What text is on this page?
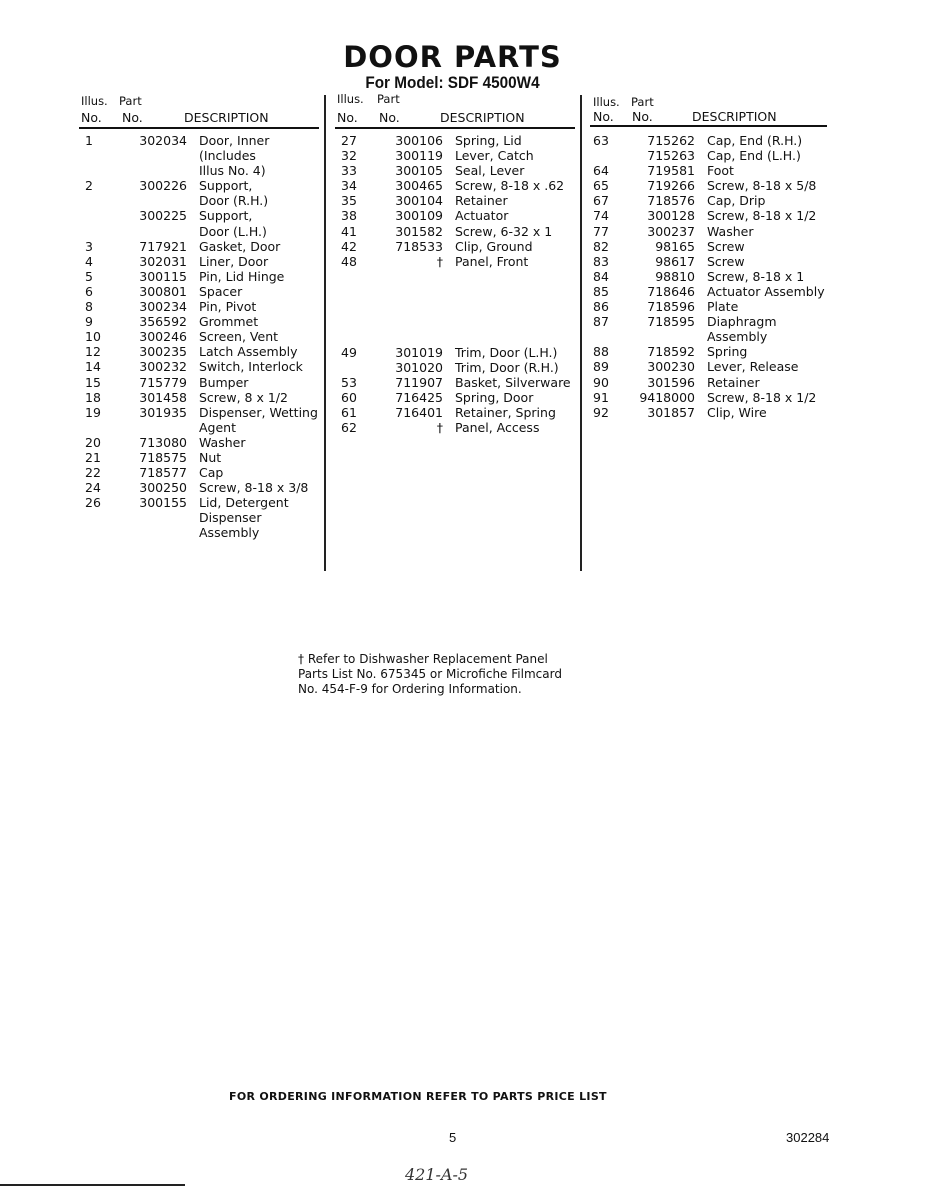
DOOR PARTS
For Model: SDF 4500W4
Illus. Part
No. No.	DESCRIPTION
Illus. Part
No. No.	DESCRIPTION
Illus. Part
No. No.	DESCRIPTION
1	302034 Door, Inner
(Includes
Illus No. 4)
2	300226 Support,
Door (R.H.)
300225 Support,
Door (L.H.)
3	717921 Gasket, Door
4	302031 Liner, Door
5	300115 Pin, Lid Hinge
6	300801 Spacer
8	300234 Pin, Pivot
9	356592 Grommet
10	300246 Screen, Vent
12	300235 Latch Assembly
14	300232 Switch, Interlock
15	715779 Bumper
18	301458 Screw, 8 x 1/2
19	301935 Dispenser, Wetting
Agent
20	713080 Washer
21	718575 Nut
22	718577 Cap
24	300250 Screw, 8-18 x 3/8
26	300155 Lid, Detergent
Dispenser Assembly
27	300106 Spring, Lid
32	300119 Lever, Catch
33	300105 Seal, Lever
34	300465 Screw, 8-18 x .62
35	300104 Retainer
38	300109 Actuator
41	301582 Screw, 6-32 x 1
42	718533 Clip, Ground
48	† Panel, Front
49	301019 Trim, Door (L.H.)
301020 Trim, Door (R.H.)
53	711907 Basket, Silverware
60	716425 Spring, Door
61	716401 Retainer, Spring
62	† Panel, Access
63	715262 Cap, End (R.H.)
715263 Cap, End (L.H.)
64	719581 Foot
65	719266 Screw, 8-18 x 5/8
67	718576 Cap, Drip
74	300128 Screw, 8-18 x 1/2
77	300237 Washer
82	98165 Screw
83	98617 Screw
84	98810 Screw, 8-18 x 1
85	718646 Actuator Assembly
86	718596 Plate
87	718595 Diaphragm
Assembly
88	718592 Spring
89	300230 Lever, Release
90	301596 Retainer
91	9418000 Screw, 8-18 x 1/2
92	301857 Clip, Wire
† Refer to Dishwasher Replacement Panel
Parts List No. 675345 or Microfiche Filmcard
No. 454-F-9 for Ordering Information.
FOR ORDERING INFORMATION REFER TO PARTS PRICE LIST
5	302284
421-A-5
